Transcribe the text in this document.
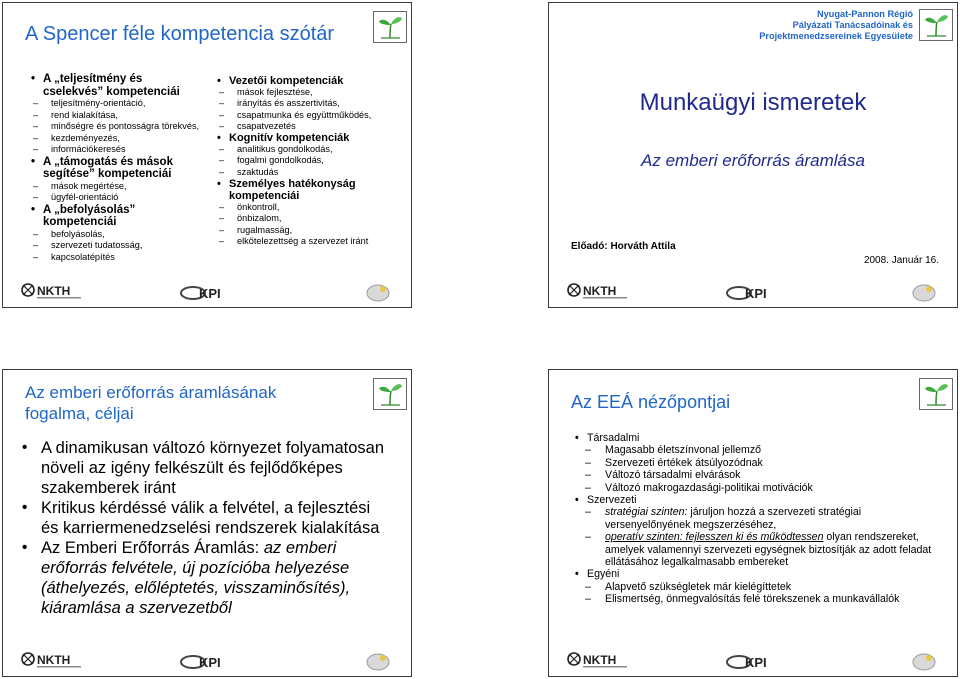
A Spencer féle kompetencia szótár
• A „teljesítmény és cselekvés” kompetenciái
– teljesítmény-orientáció,
– rend kialakítása,
– minőségre és pontosságra törekvés,
– kezdeményezés,
– információkeresés
• A „támogatás és mások segítése” kompetenciái
– mások megértése,
– ügyfél-orientáció
• A „befolyásolás” kompetenciái
– befolyásolás,
– szervezeti tudatosság,
– kapcsolatépítés
• Vezetői kompetenciák
– mások fejlesztése,
– irányítás és asszertivitás,
– csapatmunka és együttműködés,
– csapatvezetés
• Kognitív kompetenciák
– analitikus gondolkodás,
– fogalmi gondolkodás,
– szaktudás
• Személyes hatékonyság kompetenciái
– önkontroll,
– önbizalom,
– rugalmasság,
– elkötelezettség a szervezet iránt
Nyugat-Pannon Régió
Pályázati Tanácsadóinak és
Projektmenedzsereinek Egyesülete
Munkaügyi ismeretek
Az emberi erőforrás áramlása
Előadó: Horváth Attila
2008. Január 16.
Az emberi erőforrás áramlásának
fogalma, céljai
• A dinamikusan változó környezet folyamatosan növeli az igény felkészült és fejlődőképes szakemberek iránt
• Kritikus kérdéssé válik a felvétel, a fejlesztési és karriermenedzselési rendszerek kialakítása
• Az Emberi Erőforrás Áramlás: az emberi erőforrás felvétele, új pozícióba helyezése (áthelyezés, előléptetés, visszaminősítés), kiáramlása a szervezetből
Az EEÁ nézőpontjai
• Társadalmi
– Magasabb életszínvonal jellemző
– Szervezeti értékek átsúlyozódnak
– Változó társadalmi elvárások
– Változó makrogazdasági-politikai motivációk
• Szervezeti
– stratégiai szinten: járuljon hozzá a szervezeti stratégiai versenyelőnyének megszerzéséhez,
– operatív szinten: fejlesszen ki és működtessen olyan rendszereket, amelyek valamennyi szervezeti egységnek biztosítják az adott feladat ellátásához legalkalmasabb embereket
• Egyéni
– Alapvető szükségletek már kielégíttetek
– Elismertség, önmegvalósítás felé törekszenek a munkavállalók
